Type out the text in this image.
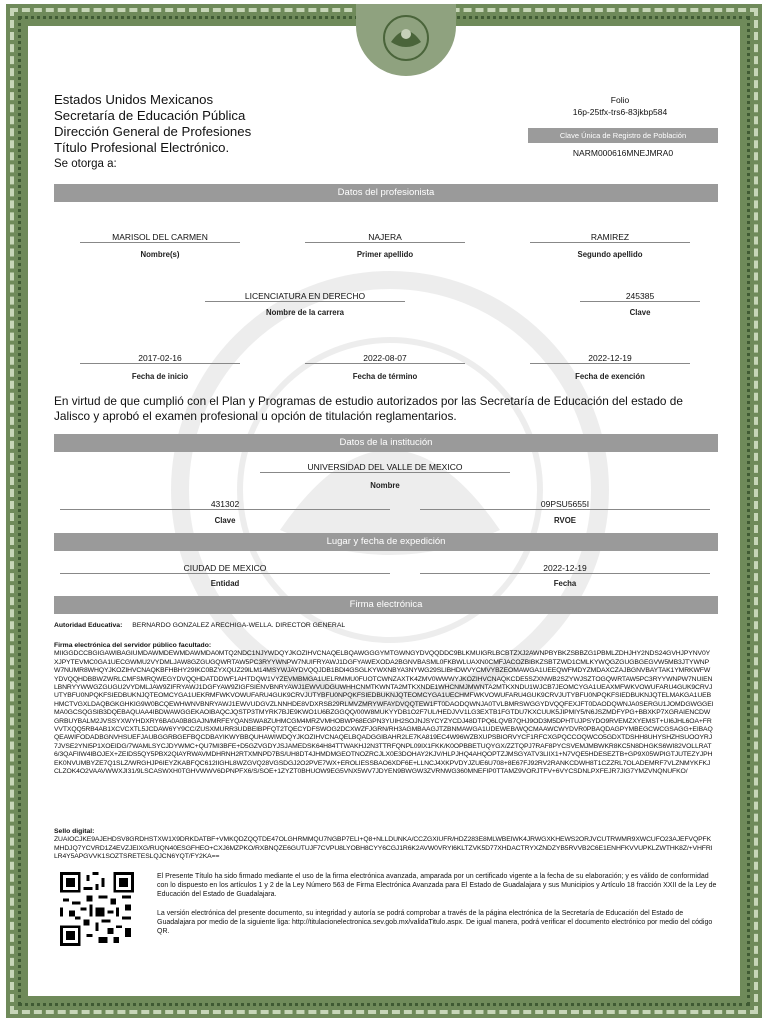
Estados Unidos Mexicanos
Secretaría de Educación Pública
Dirección General de Profesiones
Título Profesional Electrónico.
Se otorga a:
Folio
16p-25tfx-trs6-83jkbp584
Clave Única de Registro de Población
NARM000616MNEJMRA0
Datos del profesionista
MARISOL DEL CARMEN
Nombre(s)
NAJERA
Primer apellido
RAMIREZ
Segundo apellido
LICENCIATURA EN DERECHO
Nombre de la carrera
245385
Clave
2017-02-16
Fecha de inicio
2022-08-07
Fecha de término
2022-12-19
Fecha de exención
En virtud de que cumplió con el Plan y Programas de estudio autorizados por las Secretaría de Educación del estado de Jalisco y aprobó el examen profesional u opción de titulación reglamentarios.
Datos de la institución
UNIVERSIDAD DEL VALLE DE MEXICO
Nombre
431302
Clave
09PSU5655I
RVOE
Lugar y fecha de expedición
CIUDAD DE MEXICO
Entidad
2022-12-19
Fecha
Firma electrónica
Autoridad Educativa: BERNARDO GONZALEZ ARECHIGA-WELLA. DIRECTOR GENERAL
Firma electrónica del servidor público facultado:
MIIGGDCCBGIGAWIBAGIUMDAWMDEWMDAWMDA0MTQ2NDC1NJYWDQYJKOZIHVCNAQELBQAWGGGYMTGWNGYDVQQDDC9BLKMUIGRLBCBTZXJ2AWNPBYBKZSBBZG1PBMLZDHJHY2NDS24GVHJPYNV0YXJPYTEVMC0GA1UECGWMU2VYDMLJAW8GZGUGQWRTAW5PC3RYYWNPW7NUIFRYAWJ1DGFYAWEXODA2BGNVBASML0FKBWLUAXN0CMFJACOZBIBKZSBTZWD1CMLKYWQGZGUGBGEGVW5MB3JTYWNPW7NUMR8WHQYJKOZIHVCNAQKBFHBHY29IKC0BZYXQUZ29ILM14MSYWJAYDVQQJDB1BDI4GSGLKYWXNBYA3NYWG29SLIBHDWVYCMVYBZEOMAWGA1UEEQWFMDYZMDAXCZAJBGNVBAYTAK1YMRKWFWYDVQQHDBBWZWRLCMFSMRQWEGYDVQQHDATDDWF1AHTDQW1VYZEVMBMGA1UELRMMU0FUOTCWNZAXTK4ZMV0WWWYJKOZIHVCNAQKCDE5SZXNWB2SZYWJSZTOGQWRTAW5PC3RYYWNPW7NUIENLBNRYYWWGZGUGU2VYDMLJAW9ZIFRYAWJ1DGFYAW9ZIGFSIENVBNRYAWJ1EWVUDGUWHHCNMTKWNTA2MTKXNDE1WHCNMJMWNTA2MTKXNDU1WJCB7JEOMCYGA1UEAXMFWKVOWUFARU4GUK9CRVJUTYBFU0NPQKFSIEDBUKNJQTEOMCYGA1UEKRMFWKVOWUFARU4GUK9CRVJUTYBFU0NPQKFSIEDBUKNJQTEOMCYGA1UECHMFWKVOWUFARU4GUK9CRVJUTYBFU0NPQKFSIEDBUKNJQTELMAKGA1UEBHMCTVGXLDAQBGKGHKIG9W0BCQEWHWNVBNRYAWJ1EWVUDGVZLNNHDE8VDXRSB29RLMVZMRYWFAYDVQQTEW1FT0DAODQWNJA0TVLBMRSWGGYDVQQFEXJFT0DAODQWNJA0SERGU1JOMDGWGGEIMA0GCSQGSIB3DQEBAQUAA4IBDWAWGGEKAOIBAQCJQSTP3TMYRK7BJE9KWO1U6BZGGQQ/00W8MUKYYDB1O2F7UL/HEDJVV1LG3EXTB1FGTDU7KXCUUK5JIPMIY5/N6JSZMDFYPG+BBXKP7XGRAIENCDWGRBUYBALM2JVSSYXWYHDXRY6BA0A0B8GAJN/MRFEYQANSWA8ZUHMCGM4MRZVMHOBWP68EGPN3YUIH2SOJNJSYCYZYCDJ48DTPQ6LQVB7QHJ9OD3M5DPHTUJPSYDO9RVEMZXYEMST+UI6JHL6OA+FRVVTXQQ5RB4AB1XCVCXTL5JCDAW6YY9CC/ZUSXMURR3UDBEIBPFQT2TQECYDFSWOG2DCXWZFJGRN/RH3AGMBAAGJTZBNMAWGA1UDEWEB/WQCMAAWCWYDVR0PBAQDAGPYMBEGCWCGSAGG+EIBAQQEAWIFODADBGNVHSUEFJAUBGGRBGEFBQCDBAYIKWYBBQUHAWIWDQYJKOZIHVCNAQELBQADGGIBAHR2LE7KA819EC4W96WZBXUPSBIORVYCF1RFCXGPQCCOQWCO5GDXTDSHH8UHYSHZHSUOOYRJ7JVSE2YNI5P1XOEIDG/7WAMLSYCJDYWMC+QU7MI3BFE+D5GZVGDYJSJAMEDSK64H84TTWAKHJ2N3TTRFQNPL09IX1FKK/K0OPBBETUQYGX/ZZTQPJ7RAF8PYCSVEMJMBWKR8KC5N8DHGKS6WI82VOLLRAT6/3QAFIIW4IBOJEX+ZEIDS5QY5PBX2QIAYRWAVMDHRNH2RTXMNPD7BS/UH8DT4JHMDMGEOTNOZRCJLX0E3DOHAY2KJV/HLPJHQ4AHQOPTZJMSGYATV3LIIX1+N7VQE5HDESEZTB+GP9X05WPIGTJUTEZYJPHEK0NVUMBYZE7Q1SLZ/WRGHJP6IEYZKABFQC612IIGHL8WZGVQ28VGSDGJ2O2PVE7WX+EROLIESSBAO6XDF6E+LLNCJ4XKPVDYJZUE6U708+8E67FJ92RV2RANKCDWH8T1CZZRL7OLADEMRF7VLZNMYKFKJCLZOK4O2VAAVWWXJI31/9LSCASWXH0TGHVWWV6DPNPFX6/S/SOE+1ZYZT0BHUOW9EG5VNX5WV7JDYEN9BWGW3ZVRNWG360MNEFIP0TTAMZ9VORJTFV+6VYCSDNLPXFEJR7JIG7YMZVNQNUFKO/
Sello digital:
ZUAIOCJKE9AJEHDSV8GRDHSTXW1X9DRKDATBF+VMKQDZQQTDE47OLGHRMMQU7NGBP7ELI+Q8+NLLDUNKA/CCZGXIUFR/HDZ283E8MLWBEIWK4JRWGXKHEWS2ORJVCUTRWMR9XWCUFO23AJEFVQPFKMHDJQ7YCVRD1Z4EVZJEIXG/RUQN40ESGFHEO+CXJ6MZPKO/RXBNQZE6GUTUJF7CVPU8LYOBH8CYY6CGJ1R6K2AVW0VRYI6KLTZVK5D77XHDACTRYXZNDZYB5RVVB2C6E1ENHFKVVUPKLZWTHK8Z/+VHFRILR4Y5APGVVK1SOZTSRETESLQJCN6YQT/FY2KA==
El Presente Título ha sido firmado mediante el uso de la firma electrónica avanzada, amparada por un certificado vigente a la fecha de su elaboración; y es válido de conformidad con lo dispuesto en los artículos 1 y 2 de la Ley Número 563 de Firma Electrónica Avanzada para El Estado de Guadalajara y sus Municipios y Artículo 18 fracción XXII de la Ley de Educación del Estado de Guadalajara.
La versión electrónica del presente documento, su integridad y autoría se podrá comprobar a través de la página electrónica de la Secretaría de Educación del Estado de Guadalajara por medio de la siguiente liga: http://titulacionelectronica.sev.gob.mx/validaTitulo.aspx. De igual manera, podrá verificar el documento electrónico por medio del código QR.
